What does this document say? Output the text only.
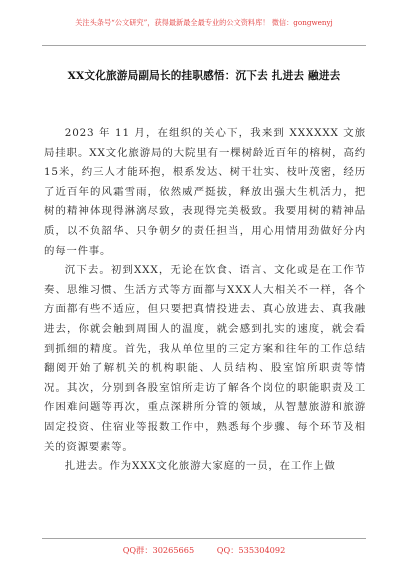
关注头条号“公文研究”，获得最新最全最专业的公文资料库！ 微信：gongwenyj
XX文化旅游局副局长的挂职感悟：沉下去 扎进去 融进去

2023 年 11 月，在组织的关心下，我来到 XXXXXX 文旅局挂职。XX文化旅游局的大院里有一棵树龄近百年的榕树，高约15米，约三人才能环抱，根系发达、树干壮实、枝叶茂密，经历了近百年的风霜雪雨，依然威严挺拔，释放出强大生机活力，把树的精神体现得淋漓尽致，表现得完美极致。我要用树的精神品质，以不负韶华、只争朝夕的责任担当，用心用情用劲做好分内的每一件事。

沉下去。初到XXX，无论在饮食、语言、文化或是在工作节奏、思维习惯、生活方式等方面都与XXX人大相关不一样，各个方面都有些不适应，但只要把真情投进去、真心放进去、真我融进去，你就会触到周围人的温度，就会感到扎实的速度，就会看到抓细的精度。首先，我从单位里的三定方案和往年的工作总结翻阅开始了解机关的机构职能、人员结构、股室馆所职责等情况。其次，分别到各股室馆所走访了解各个岗位的职能职责及工作困难问题等再次，重点深耕所分管的领域，从智慧旅游和旅游固定投资、住宿业等报数工作中，熟悉每个步骤、每个环节及相关的资源要素等。

扎进去。作为XXX文化旅游大家庭的一员，在工作上做

QQ群：30265665	QQ：535304092
